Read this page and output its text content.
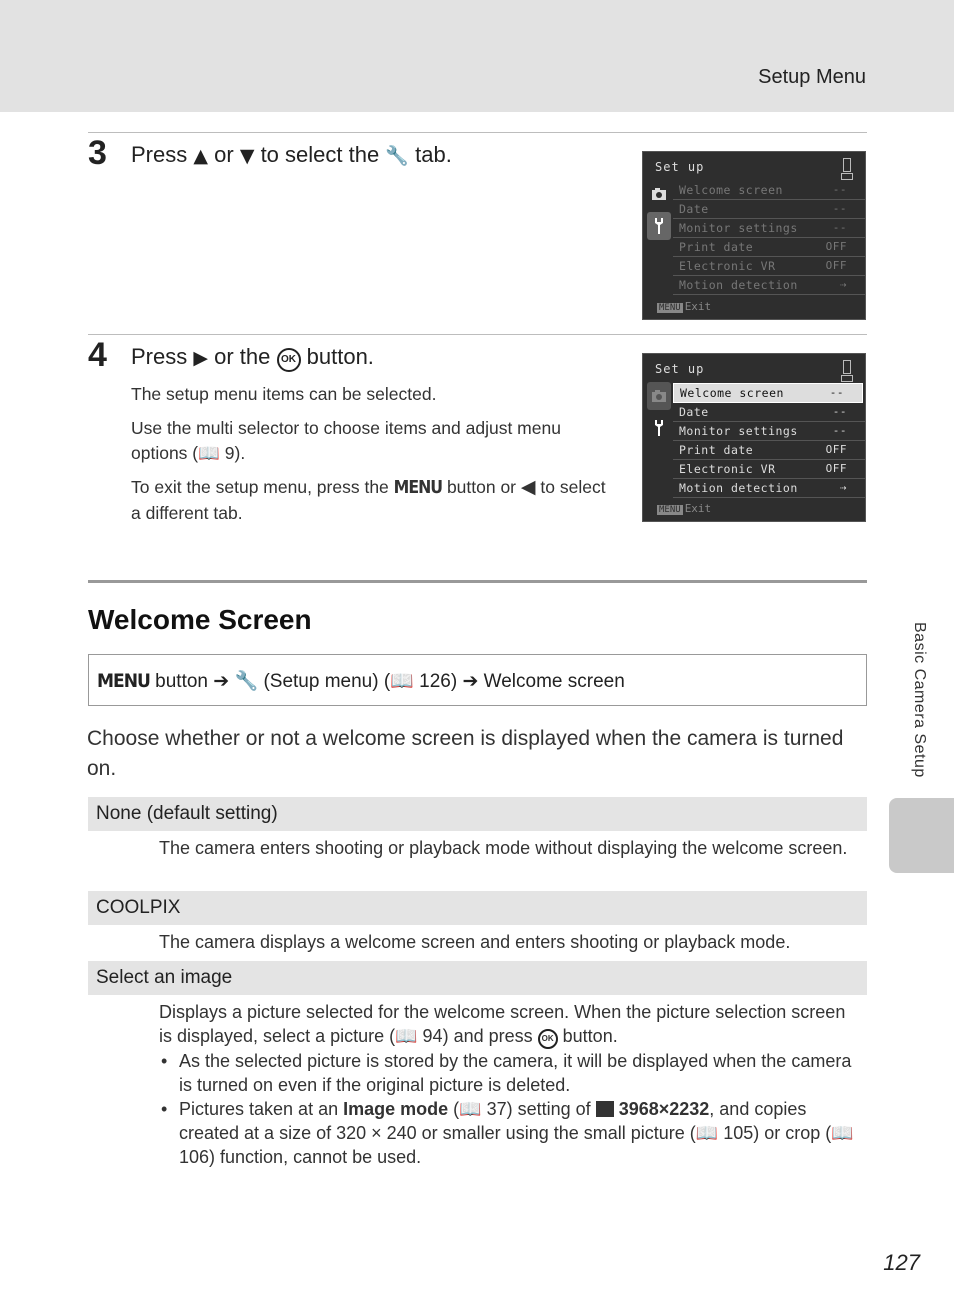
Setup Menu
3 Press ▲ or ▼ to select the 🔧 tab.	Set up
Welcome screen	--
Date	--
Monitor settings	--
Print date	OFF
Electronic VR	OFF
Motion detection	⇢
MENU Exit
4 Press ▶ or the OK button.

The setup menu items can be selected.

Use the multi selector to choose items and adjust menu options (📖 9).

To exit the setup menu, press the MENU button or ◀ to select a different tab.

Set up
Welcome screen	--
Date	--
Monitor settings	--
Print date	OFF
Electronic VR	OFF
Motion detection	⇢
MENU Exit
Welcome Screen
MENU button ➔ 🔧 (Setup menu) (📖 126) ➔ Welcome screen

Choose whether or not a welcome screen is displayed when the camera is turned on.

None (default setting)

The camera enters shooting or playback mode without displaying the welcome screen.

COOLPIX

The camera displays a welcome screen and enters shooting or playback mode.

Select an image

Displays a picture selected for the welcome screen. When the picture selection screen is displayed, select a picture (📖 94) and press OK button.

• As the selected picture is stored by the camera, it will be displayed when the camera is turned on even if the original picture is deleted.
• Pictures taken at an Image mode (📖 37) setting of 3968×2232, and copies created at a size of 320 × 240 or smaller using the small picture (📖 105) or crop (📖 106) function, cannot be used.
Basic Camera Setup
127
